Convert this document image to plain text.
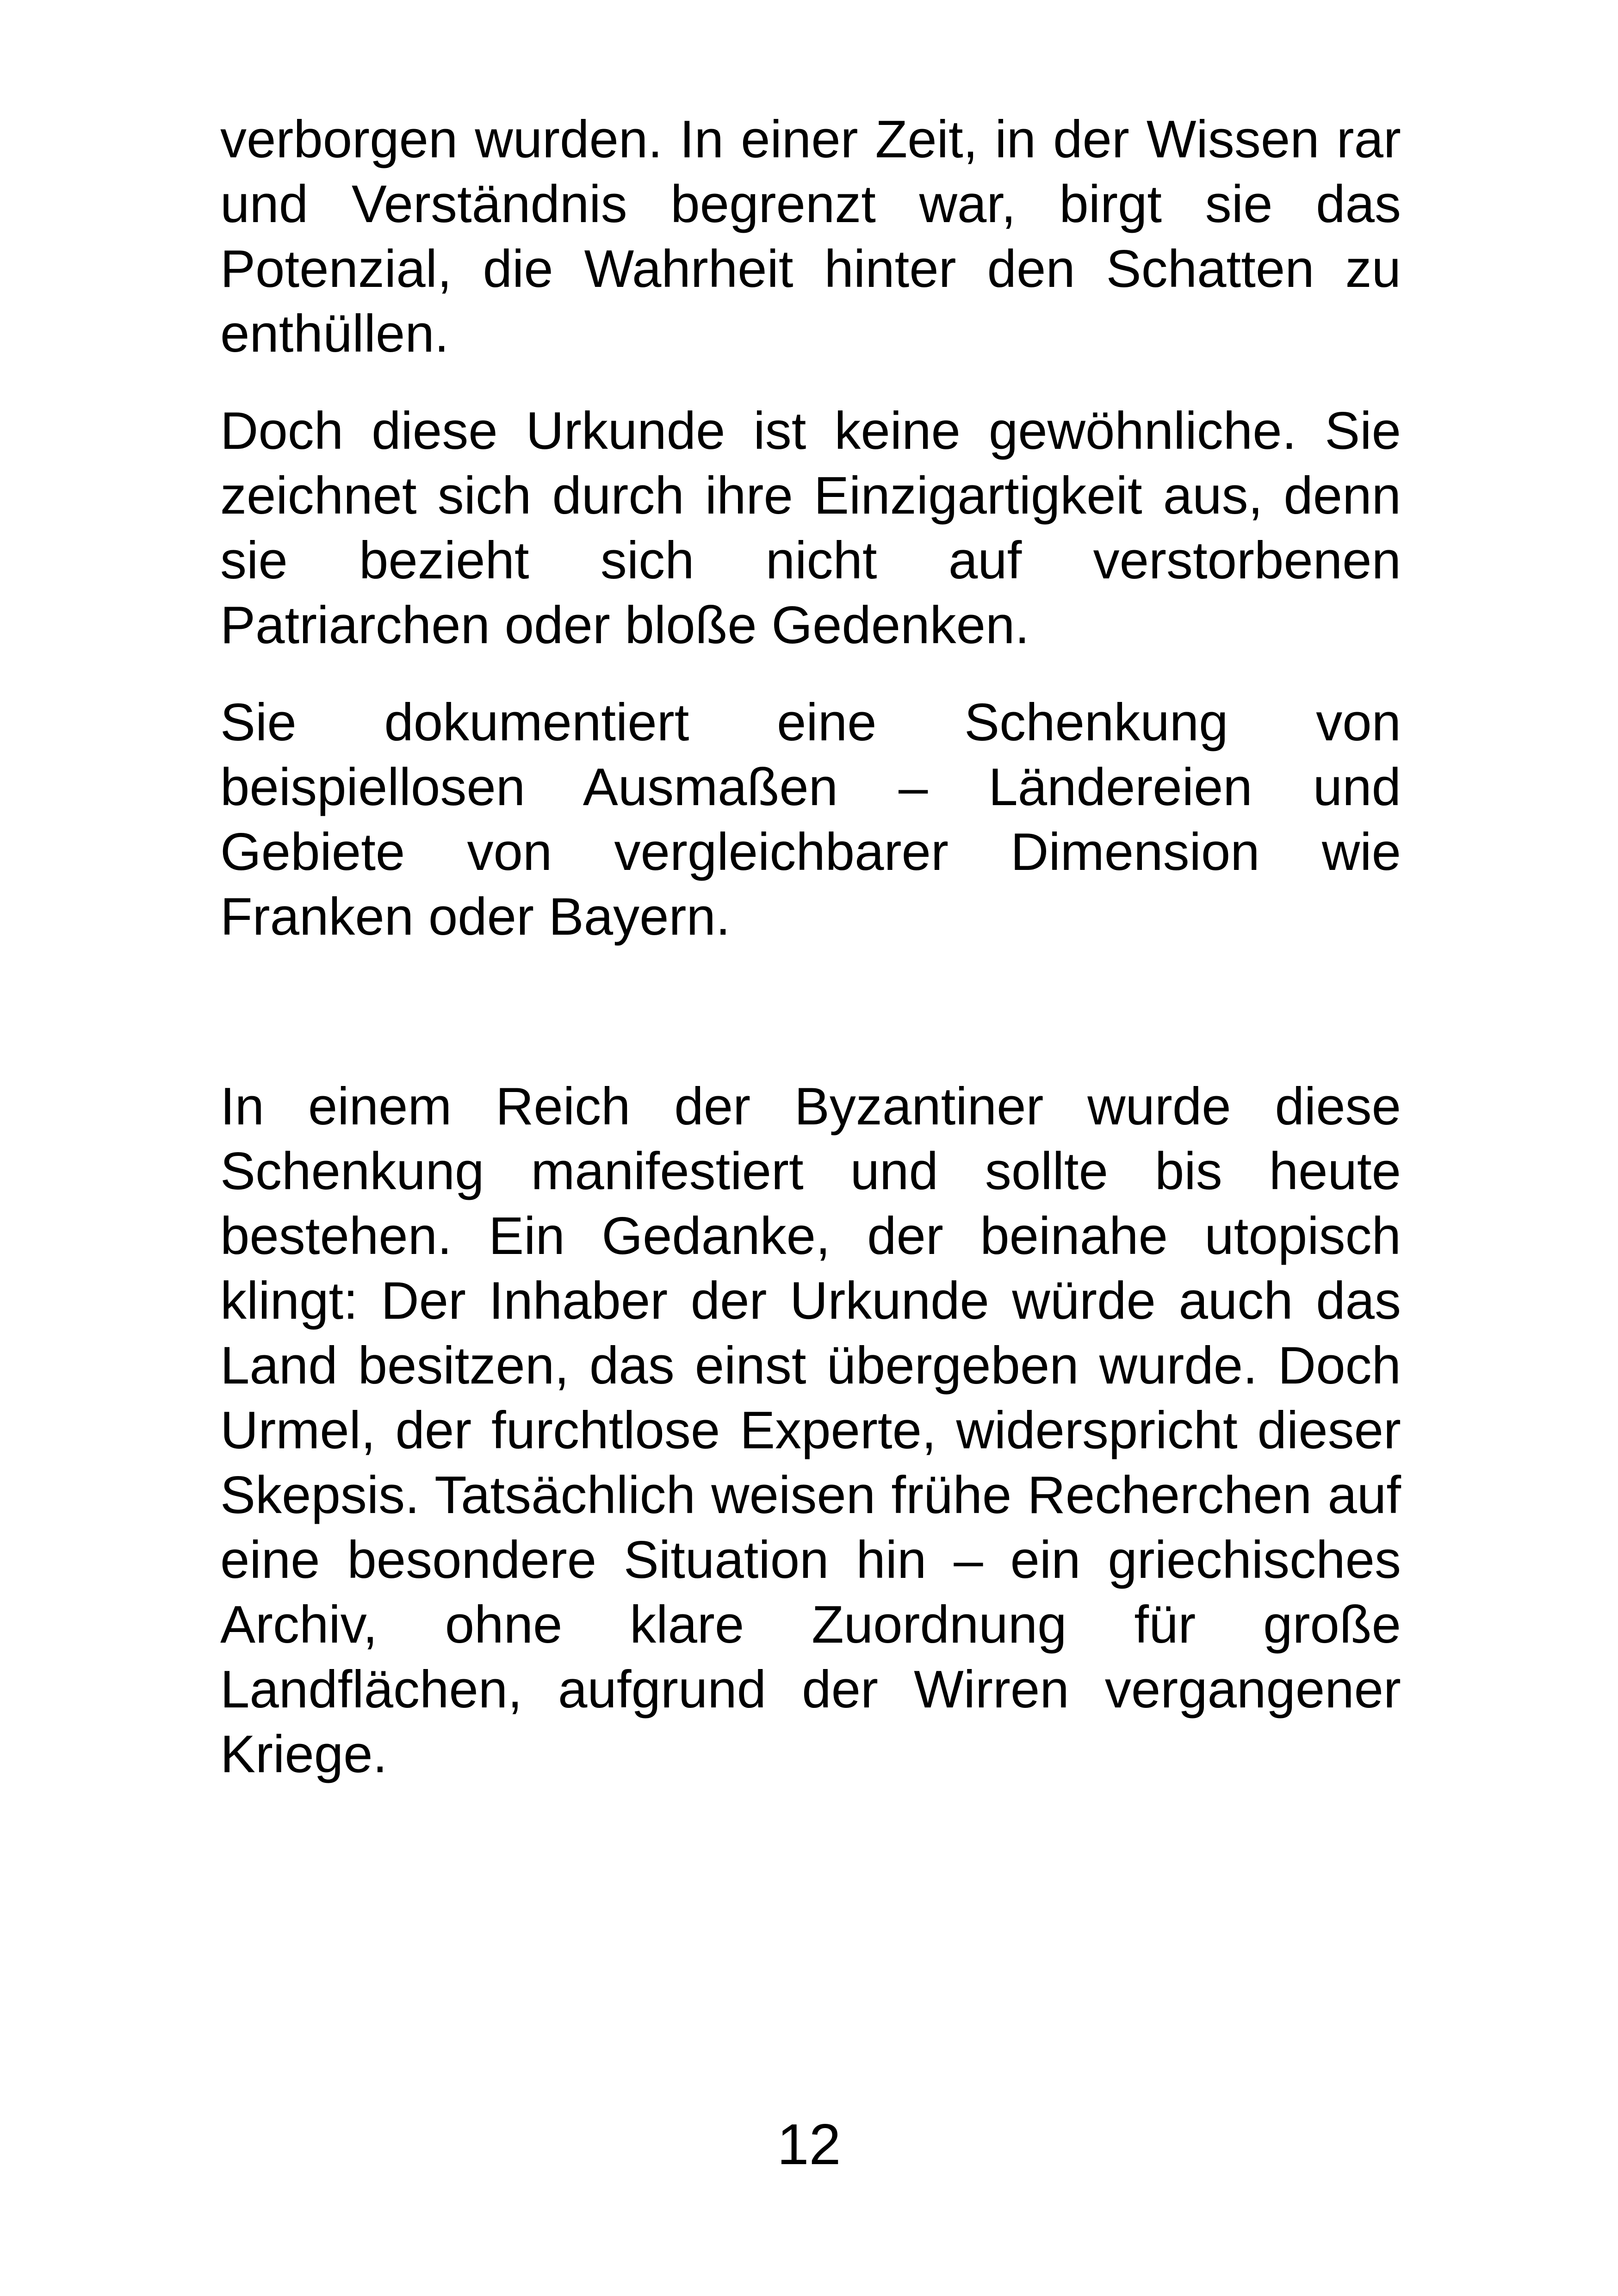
verborgen wurden. In einer Zeit, in der Wissen rar und Verständnis begrenzt war, birgt sie das Potenzial, die Wahrheit hinter den Schatten zu enthüllen.

Doch diese Urkunde ist keine gewöhnliche. Sie zeichnet sich durch ihre Einzigartigkeit aus, denn sie bezieht sich nicht auf verstorbenen Patriarchen oder bloße Gedenken.

Sie dokumentiert eine Schenkung von beispiellosen Ausmaßen – Ländereien und Gebiete von vergleichbarer Dimension wie Franken oder Bayern.

In einem Reich der Byzantiner wurde diese Schenkung manifestiert und sollte bis heute bestehen. Ein Gedanke, der beinahe utopisch klingt: Der Inhaber der Urkunde würde auch das Land besitzen, das einst übergeben wurde. Doch Urmel, der furchtlose Experte, widerspricht dieser Skepsis. Tatsächlich weisen frühe Recherchen auf eine besondere Situation hin – ein griechisches Archiv, ohne klare Zuordnung für große Landflächen, aufgrund der Wirren vergangener Kriege.

12
